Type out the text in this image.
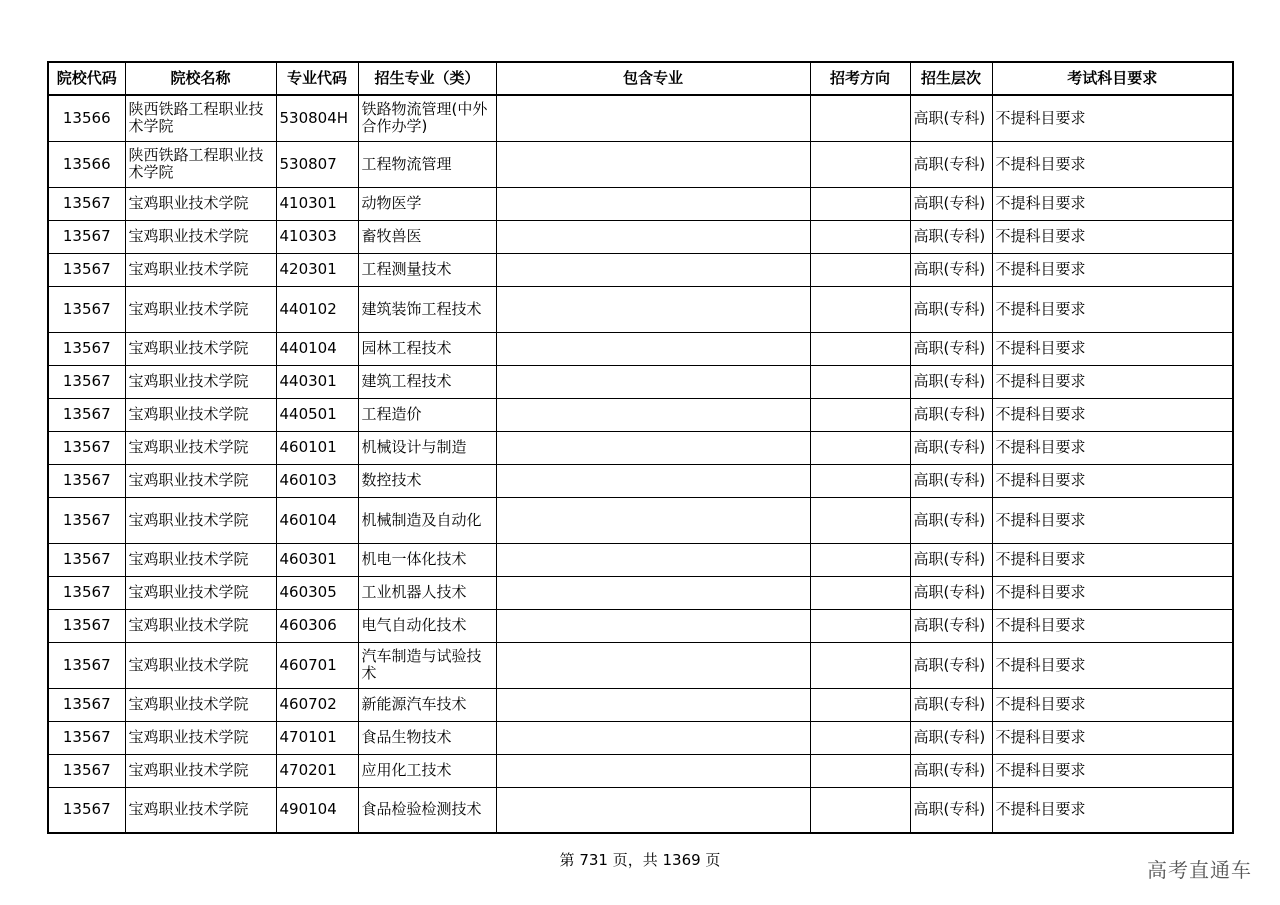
院校代码	院校名称	专业代码	招生专业（类）	包含专业	招考方向	招生层次	考试科目要求
13566	陕西铁路工程职业技术学院	530804H	铁路物流管理(中外合作办学)			高职(专科)	不提科目要求
13566	陕西铁路工程职业技术学院	530807	工程物流管理			高职(专科)	不提科目要求
13567	宝鸡职业技术学院	410301	动物医学			高职(专科)	不提科目要求
13567	宝鸡职业技术学院	410303	畜牧兽医			高职(专科)	不提科目要求
13567	宝鸡职业技术学院	420301	工程测量技术			高职(专科)	不提科目要求
13567	宝鸡职业技术学院	440102	建筑装饰工程技术			高职(专科)	不提科目要求
13567	宝鸡职业技术学院	440104	园林工程技术			高职(专科)	不提科目要求
13567	宝鸡职业技术学院	440301	建筑工程技术			高职(专科)	不提科目要求
13567	宝鸡职业技术学院	440501	工程造价			高职(专科)	不提科目要求
13567	宝鸡职业技术学院	460101	机械设计与制造			高职(专科)	不提科目要求
13567	宝鸡职业技术学院	460103	数控技术			高职(专科)	不提科目要求
13567	宝鸡职业技术学院	460104	机械制造及自动化			高职(专科)	不提科目要求
13567	宝鸡职业技术学院	460301	机电一体化技术			高职(专科)	不提科目要求
13567	宝鸡职业技术学院	460305	工业机器人技术			高职(专科)	不提科目要求
13567	宝鸡职业技术学院	460306	电气自动化技术			高职(专科)	不提科目要求
13567	宝鸡职业技术学院	460701	汽车制造与试验技术			高职(专科)	不提科目要求
13567	宝鸡职业技术学院	460702	新能源汽车技术			高职(专科)	不提科目要求
13567	宝鸡职业技术学院	470101	食品生物技术			高职(专科)	不提科目要求
13567	宝鸡职业技术学院	470201	应用化工技术			高职(专科)	不提科目要求
13567	宝鸡职业技术学院	490104	食品检验检测技术			高职(专科)	不提科目要求
第 731 页，共 1369 页	高考直通车
